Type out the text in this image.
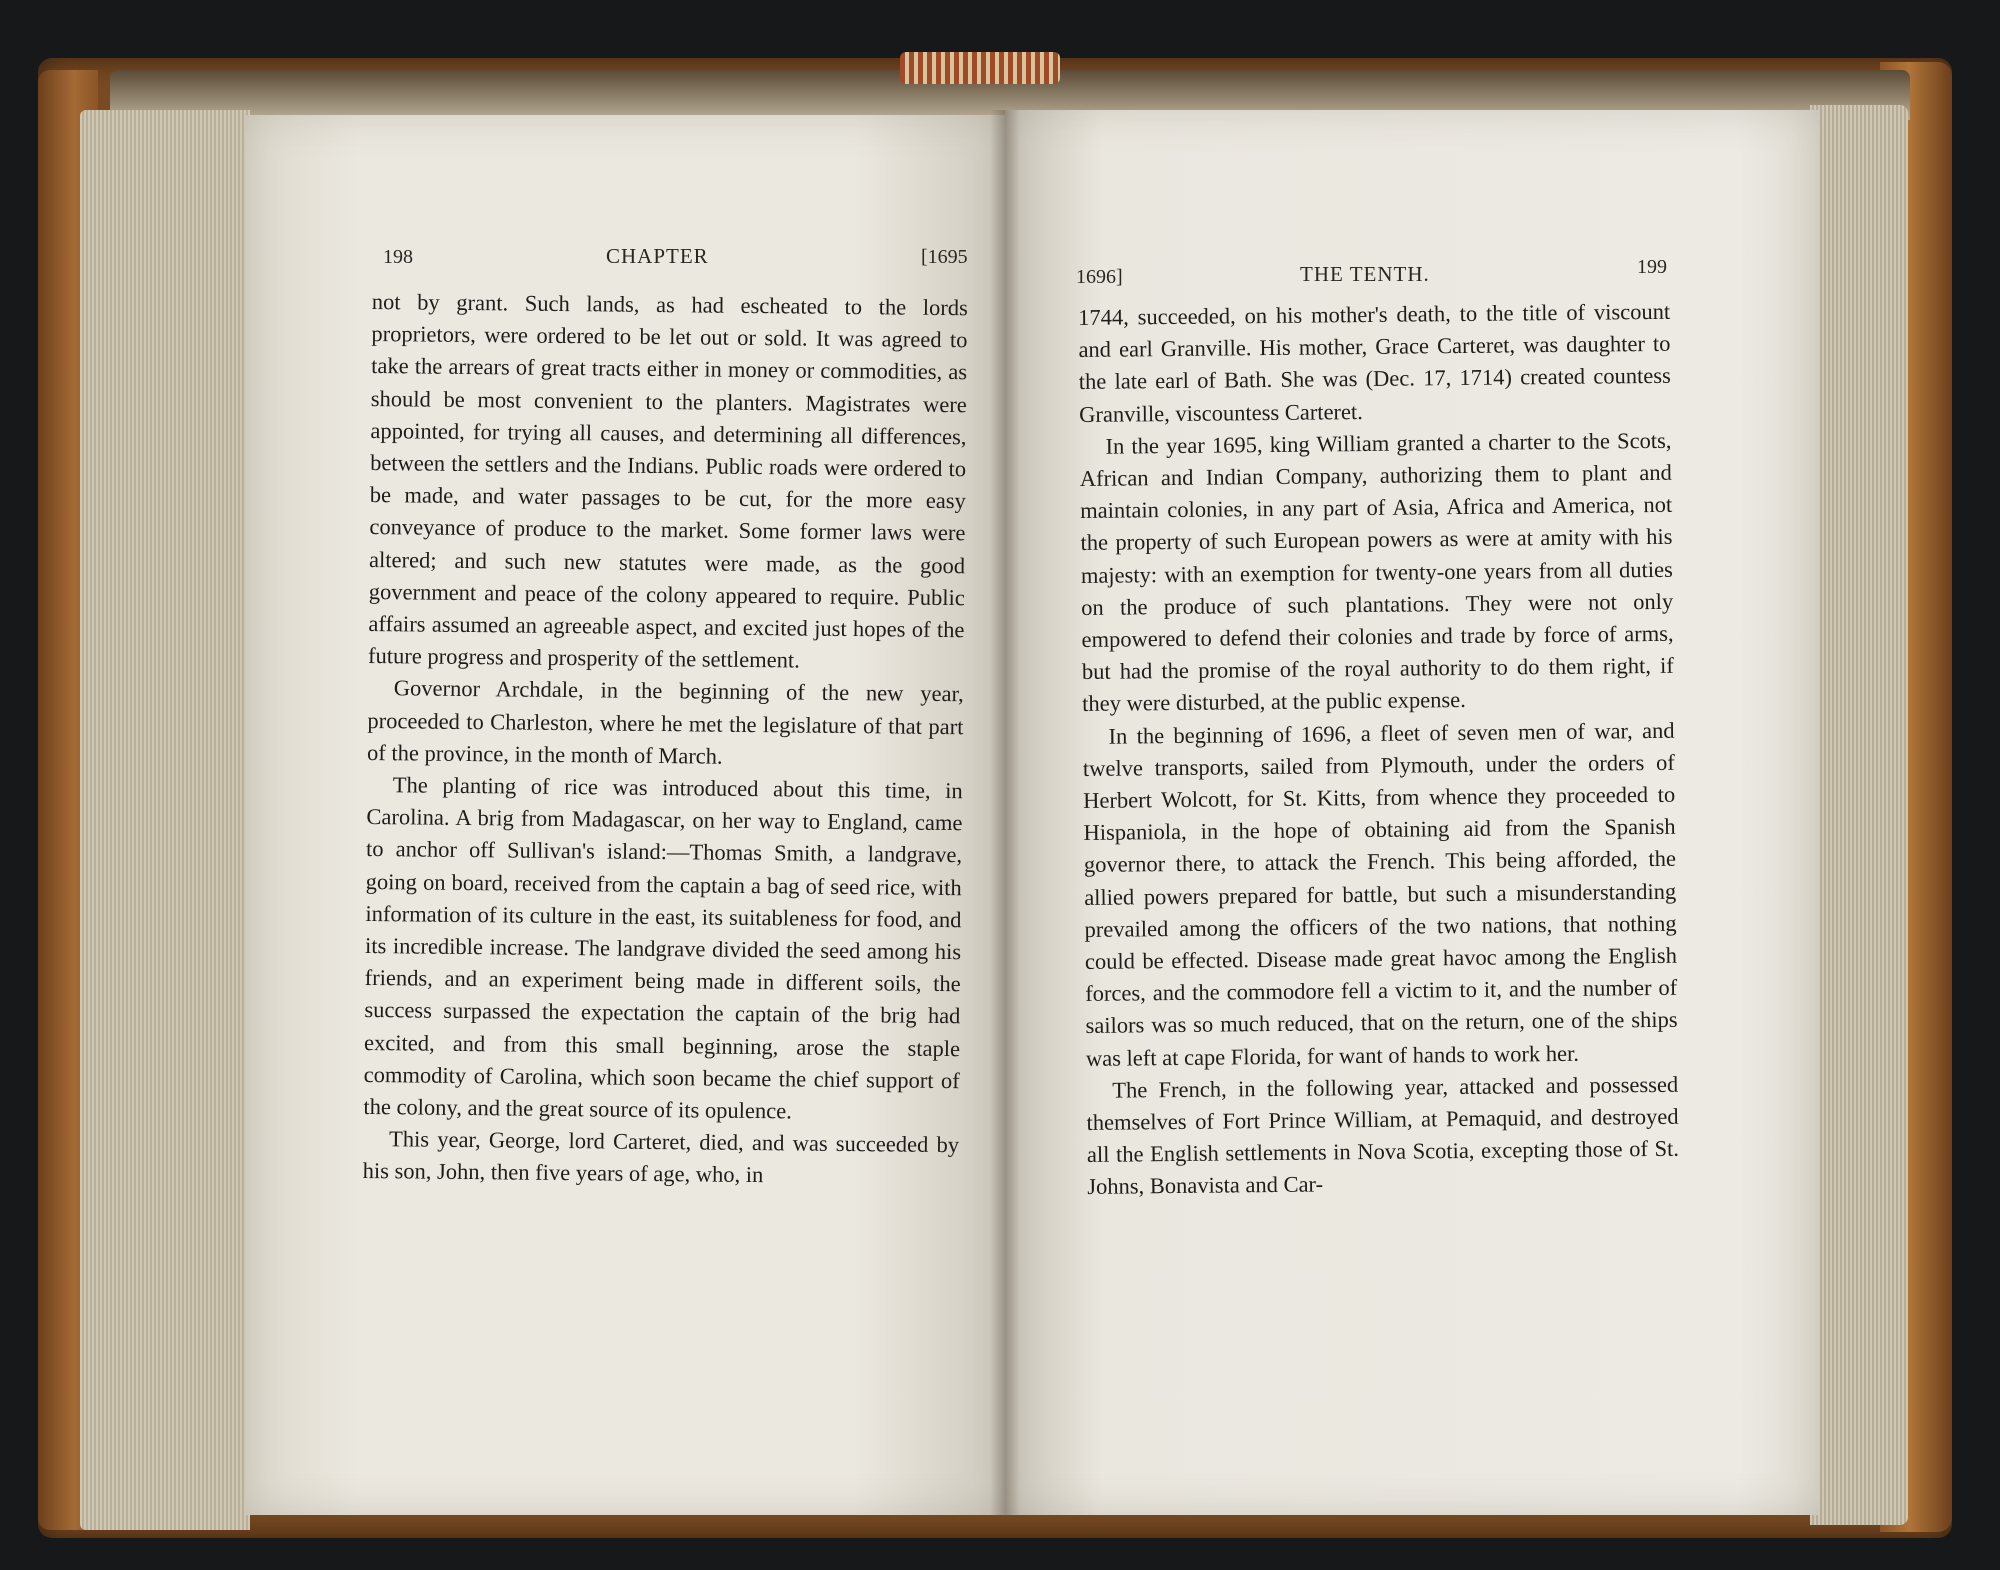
198	CHAPTER	[1695
1696]	THE TENTH.	199

not by grant. Such lands, as had escheated to the lords proprietors, were ordered to be let out or sold. It was agreed to take the arrears of great tracts either in money or commodities, as should be most convenient to the planters. Magistrates were appointed, for trying all causes, and determining all differences, between the settlers and the Indians. Public roads were ordered to be made, and water passages to be cut, for the more easy conveyance of produce to the market. Some former laws were altered; and such new statutes were made, as the good government and peace of the colony appeared to require. Public affairs assumed an agreeable aspect, and excited just hopes of the future progress and prosperity of the settlement.

Governor Archdale, in the beginning of the new year, proceeded to Charleston, where he met the legislature of that part of the province, in the month of March.

The planting of rice was introduced about this time, in Carolina. A brig from Madagascar, on her way to England, came to anchor off Sullivan's island:—Thomas Smith, a landgrave, going on board, received from the captain a bag of seed rice, with information of its culture in the east, its suitableness for food, and its incredible increase. The landgrave divided the seed among his friends, and an experiment being made in different soils, the success surpassed the expectation the captain of the brig had excited, and from this small beginning, arose the staple commodity of Carolina, which soon became the chief support of the colony, and the great source of its opulence.

This year, George, lord Carteret, died, and was succeeded by his son, John, then five years of age, who, in

1744, succeeded, on his mother's death, to the title of viscount and earl Granville. His mother, Grace Carteret, was daughter to the late earl of Bath. She was (Dec. 17, 1714) created countess Granville, viscountess Carteret.

In the year 1695, king William granted a charter to the Scots, African and Indian Company, authorizing them to plant and maintain colonies, in any part of Asia, Africa and America, not the property of such European powers as were at amity with his majesty: with an exemption for twenty-one years from all duties on the produce of such plantations. They were not only empowered to defend their colonies and trade by force of arms, but had the promise of the royal authority to do them right, if they were disturbed, at the public expense.

In the beginning of 1696, a fleet of seven men of war, and twelve transports, sailed from Plymouth, under the orders of Herbert Wolcott, for St. Kitts, from whence they proceeded to Hispaniola, in the hope of obtaining aid from the Spanish governor there, to attack the French. This being afforded, the allied powers prepared for battle, but such a misunderstanding prevailed among the officers of the two nations, that nothing could be effected. Disease made great havoc among the English forces, and the commodore fell a victim to it, and the number of sailors was so much reduced, that on the return, one of the ships was left at cape Florida, for want of hands to work her.

The French, in the following year, attacked and possessed themselves of Fort Prince William, at Pemaquid, and destroyed all the English settlements in Nova Scotia, excepting those of St. Johns, Bonavista and Car-
